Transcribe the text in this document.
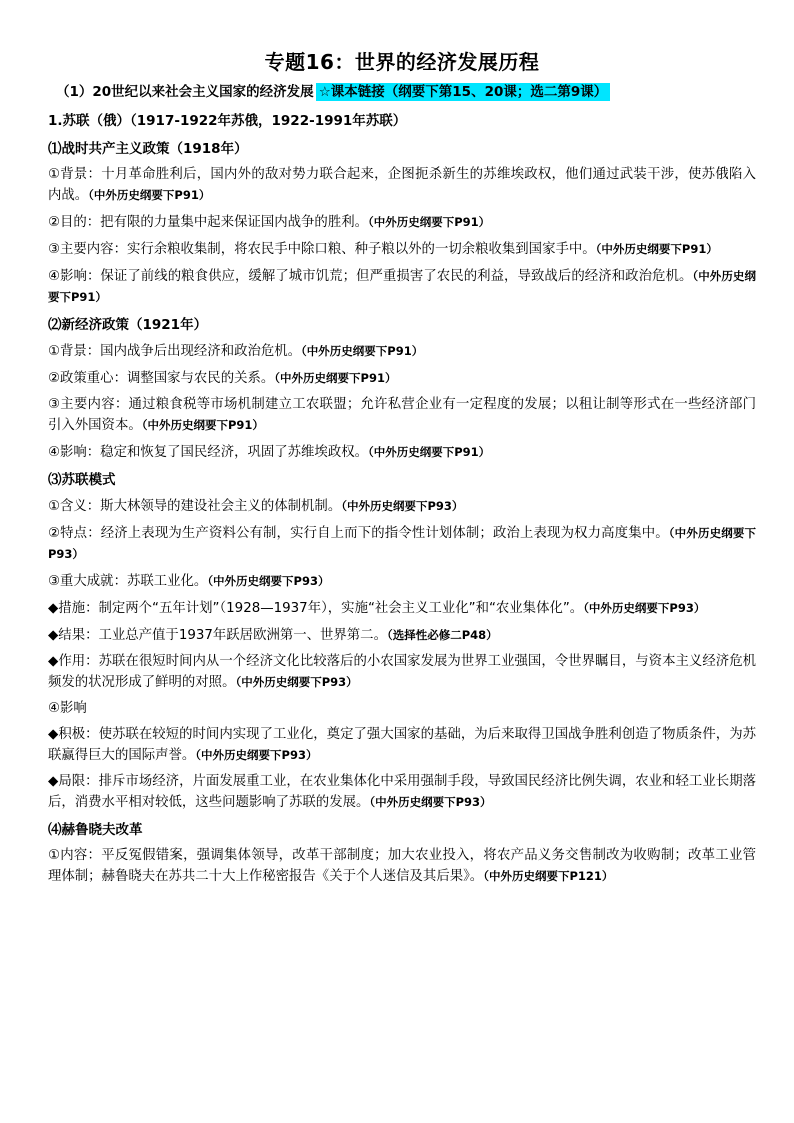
专题16：世界的经济发展历程
（1）20世纪以来社会主义国家的经济发展 ☆课本链接（纲要下第15、20课；选二第9课）
1.苏联（俄）（1917-1922年苏俄，1922-1991年苏联）
⑴战时共产主义政策（1918年）
①背景：十月革命胜利后，国内外的敌对势力联合起来，企图扼杀新生的苏维埃政权，他们通过武装干涉，使苏俄陷入内战。（中外历史纲要下P91）
②目的：把有限的力量集中起来保证国内战争的胜利。（中外历史纲要下P91）
③主要内容：实行余粮收集制，将农民手中除口粮、种子粮以外的一切余粮收集到国家手中。（中外历史纲要下P91）
④影响：保证了前线的粮食供应，缓解了城市饥荒；但严重损害了农民的利益，导致战后的经济和政治危机。（中外历史纲要下P91）
⑵新经济政策（1921年）
①背景：国内战争后出现经济和政治危机。（中外历史纲要下P91）
②政策重心：调整国家与农民的关系。（中外历史纲要下P91）
③主要内容：通过粮食税等市场机制建立工农联盟；允许私营企业有一定程度的发展；以租让制等形式在一些经济部门引入外国资本。（中外历史纲要下P91）
④影响：稳定和恢复了国民经济，巩固了苏维埃政权。（中外历史纲要下P91）
⑶苏联模式
①含义：斯大林领导的建设社会主义的体制机制。（中外历史纲要下P93）
②特点：经济上表现为生产资料公有制，实行自上而下的指令性计划体制；政治上表现为权力高度集中。（中外历史纲要下P93）
③重大成就：苏联工业化。（中外历史纲要下P93）
◆措施：制定两个“五年计划”（1928—1937年），实施“社会主义工业化”和“农业集体化”。（中外历史纲要下P93）
◆结果：工业总产值于1937年跃居欧洲第一、世界第二。（选择性必修二P48）
◆作用：苏联在很短时间内从一个经济文化比较落后的小农国家发展为世界工业强国，令世界瞩目，与资本主义经济危机频发的状况形成了鲜明的对照。（中外历史纲要下P93）
④影响
◆积极：使苏联在较短的时间内实现了工业化，奠定了强大国家的基础，为后来取得卫国战争胜利创造了物质条件，为苏联赢得巨大的国际声誉。（中外历史纲要下P93）
◆局限：排斥市场经济，片面发展重工业，在农业集体化中采用强制手段，导致国民经济比例失调，农业和轻工业长期落后，消费水平相对较低，这些问题影响了苏联的发展。（中外历史纲要下P93）
⑷赫鲁晓夫改革
①内容：平反冤假错案，强调集体领导，改革干部制度；加大农业投入，将农产品义务交售制改为收购制；改革工业管理体制；赫鲁晓夫在苏共二十大上作秘密报告《关于个人迷信及其后果》。（中外历史纲要下P121）
